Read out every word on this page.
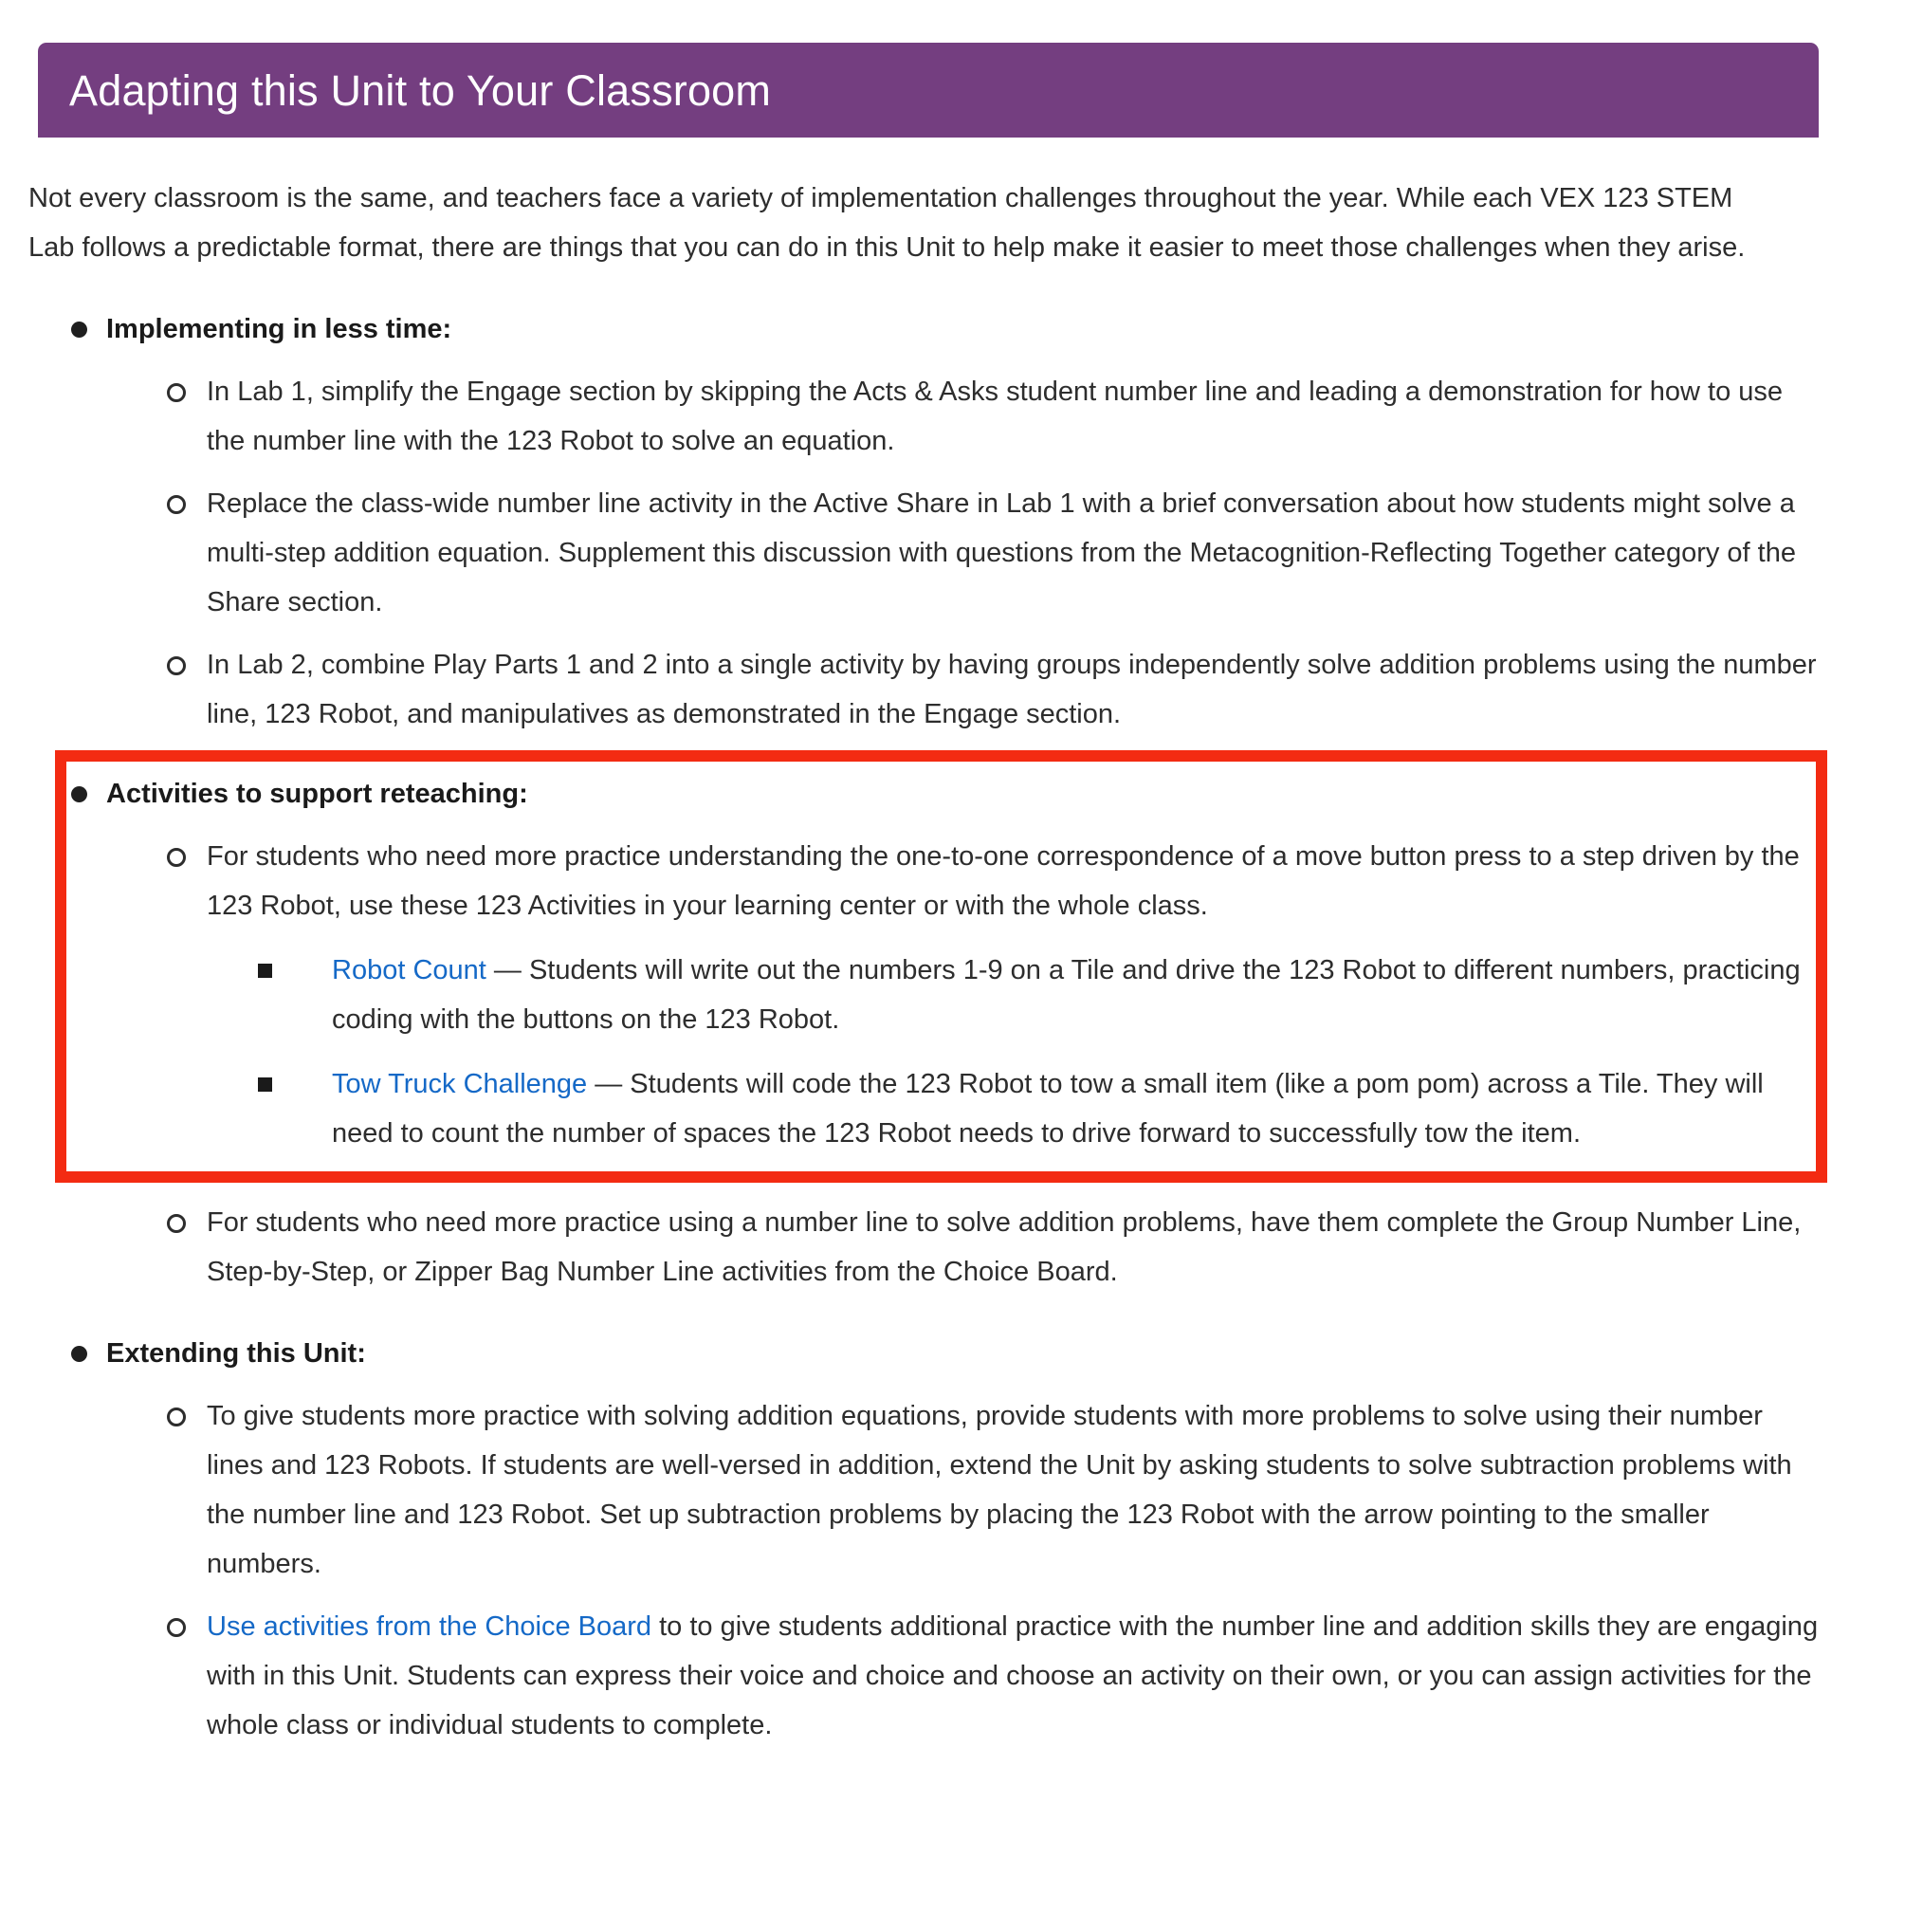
Adapting this Unit to Your Classroom

Not every classroom is the same, and teachers face a variety of implementation challenges throughout the year. While each VEX 123 STEM Lab follows a predictable format, there are things that you can do in this Unit to help make it easier to meet those challenges when they arise.

Implementing in less time:
In Lab 1, simplify the Engage section by skipping the Acts & Asks student number line and leading a demonstration for how to use the number line with the 123 Robot to solve an equation.
Replace the class-wide number line activity in the Active Share in Lab 1 with a brief conversation about how students might solve a multi-step addition equation. Supplement this discussion with questions from the Metacognition-Reflecting Together category of the Share section.
In Lab 2, combine Play Parts 1 and 2 into a single activity by having groups independently solve addition problems using the number line, 123 Robot, and manipulatives as demonstrated in the Engage section.
Activities to support reteaching:
For students who need more practice understanding the one-to-one correspondence of a move button press to a step driven by the 123 Robot, use these 123 Activities in your learning center or with the whole class.
Robot Count — Students will write out the numbers 1-9 on a Tile and drive the 123 Robot to different numbers, practicing coding with the buttons on the 123 Robot.
Tow Truck Challenge — Students will code the 123 Robot to tow a small item (like a pom pom) across a Tile. They will need to count the number of spaces the 123 Robot needs to drive forward to successfully tow the item.
For students who need more practice using a number line to solve addition problems, have them complete the Group Number Line, Step-by-Step, or Zipper Bag Number Line activities from the Choice Board.
Extending this Unit:
To give students more practice with solving addition equations, provide students with more problems to solve using their number lines and 123 Robots. If students are well-versed in addition, extend the Unit by asking students to solve subtraction problems with the number line and 123 Robot. Set up subtraction problems by placing the 123 Robot with the arrow pointing to the smaller numbers.
Use activities from the Choice Board to to give students additional practice with the number line and addition skills they are engaging with in this Unit. Students can express their voice and choice and choose an activity on their own, or you can assign activities for the whole class or individual students to complete.
